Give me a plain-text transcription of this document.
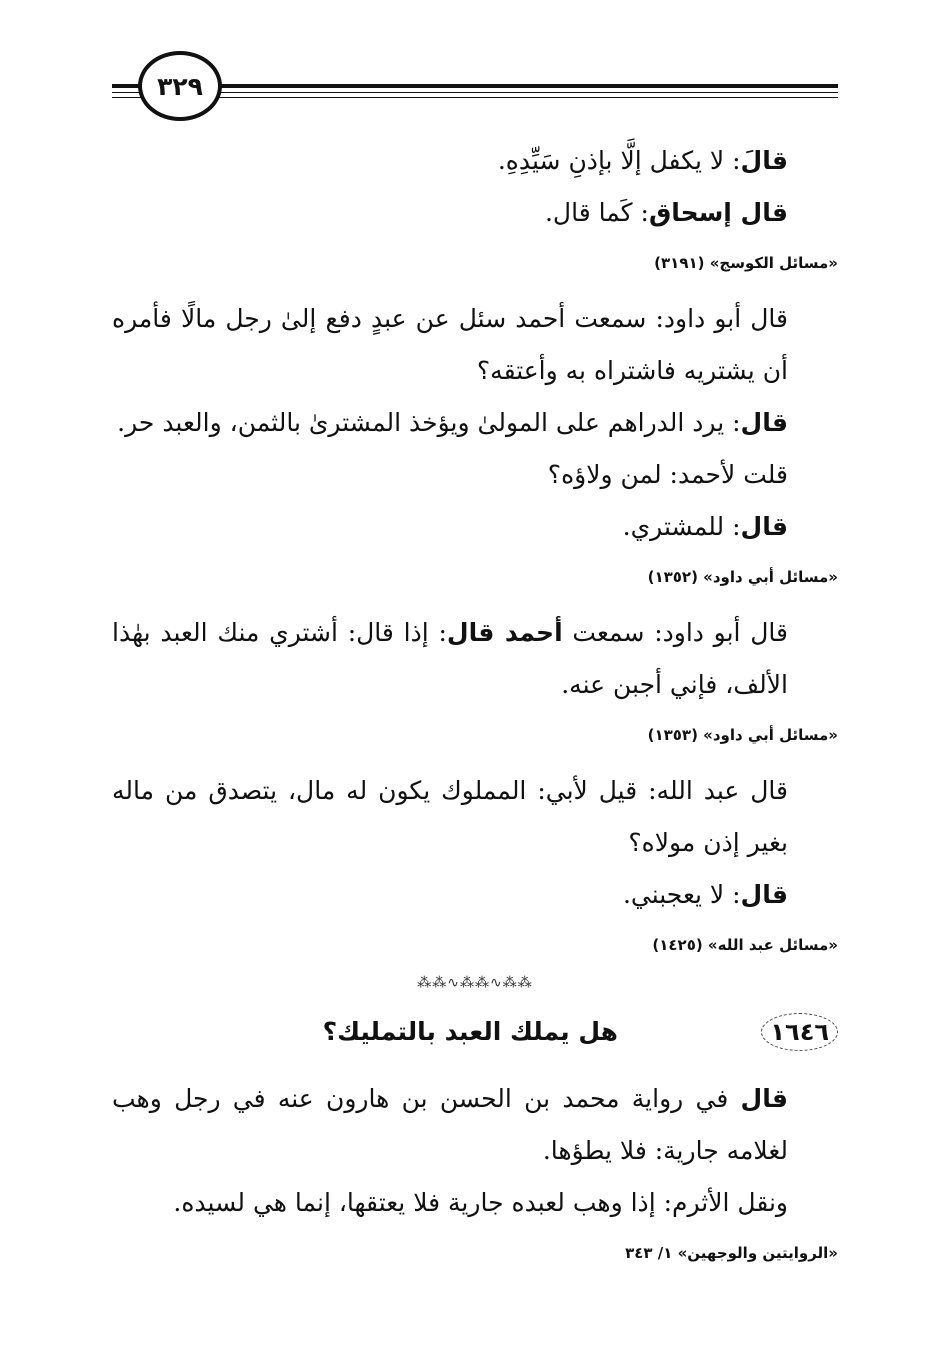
٣٢٩

قالَ: لا يكفل إلَّا بإذنِ سَيِّدِهِ.

قال إسحاق: كَما قال.

«مسائل الكوسج» (٣١٩١)

قال أبو داود: سمعت أحمد سئل عن عبدٍ دفع إلىٰ رجل مالًا فأمره أن يشتريه فاشتراه به وأعتقه؟

قال: يرد الدراهم على المولىٰ ويؤخذ المشترىٰ بالثمن، والعبد حر.

قلت لأحمد: لمن ولاؤه؟

قال: للمشتري.

«مسائل أبي داود» (١٣٥٢)

قال أبو داود: سمعت أحمد قال: إذا قال: أشتري منك العبد بهٰذا الألف، فإني أجبن عنه.

«مسائل أبي داود» (١٣٥٣)

قال عبد الله: قيل لأبي: المملوك يكون له مال، يتصدق من ماله بغير إذن مولاه؟

قال: لا يعجبني.

«مسائل عبد الله» (١٤٢٥)
⁂⁂∿⁂⁂∿⁂⁂
١٦٤٦
هل يملك العبد بالتمليك؟

قال في رواية محمد بن الحسن بن هارون عنه في رجل وهب لغلامه جارية: فلا يطؤها.

ونقل الأثرم: إذا وهب لعبده جارية فلا يعتقها، إنما هي لسيده.

«الروايتين والوجهين» ١/ ٣٤٣
